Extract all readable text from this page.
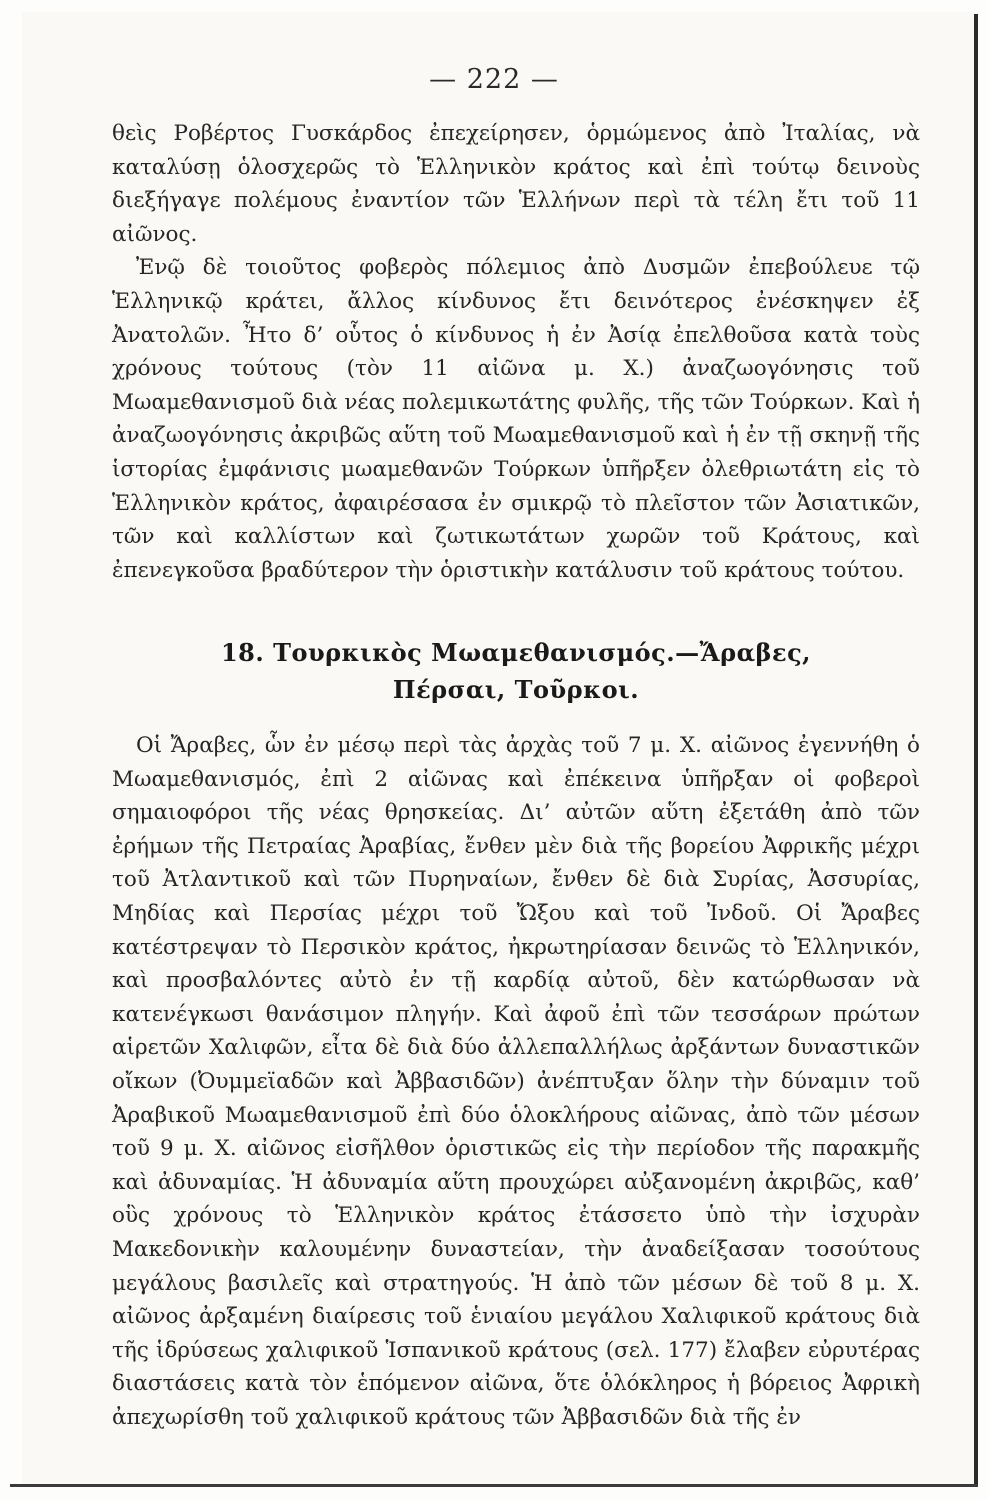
— 222 —

θεὶς Ροβέρτος Γυσκάρδος ἐπεχείρησεν, ὁρμώμενος ἀπὸ Ἰταλίας, νὰ καταλύσῃ ὁλοσχερῶς τὸ Ἑλληνικὸν κράτος καὶ ἐπὶ τούτῳ δεινοὺς διεξήγαγε πολέμους ἐναντίον τῶν Ἑλλήνων περὶ τὰ τέλη ἔτι τοῦ 11 αἰῶνος.

Ἐνῷ δὲ τοιοῦτος φοβερὸς πόλεμιος ἀπὸ Δυσμῶν ἐπεβούλευε τῷ Ἑλληνικῷ κράτει, ἄλλος κίνδυνος ἔτι δεινότερος ἐνέσκηψεν ἐξ Ἀνατολῶν. Ἦτο δ’ οὗτος ὁ κίνδυνος ἡ ἐν Ἀσίᾳ ἐπελθοῦσα κατὰ τοὺς χρόνους τούτους (τὸν 11 αἰῶνα μ. Χ.) ἀναζωογόνησις τοῦ Μωαμεθανισμοῦ διὰ νέας πολεμικωτάτης φυλῆς, τῆς τῶν Τούρκων. Καὶ ἡ ἀναζωογόνησις ἀκριβῶς αὕτη τοῦ Μωαμεθανισμοῦ καὶ ἡ ἐν τῇ σκηνῇ τῆς ἱστορίας ἐμφάνισις μωαμεθανῶν Τούρκων ὑπῆρξεν ὀλεθριωτάτη εἰς τὸ Ἑλληνικὸν κράτος, ἀφαιρέσασα ἐν σμικρῷ τὸ πλεῖστον τῶν Ἀσιατικῶν, τῶν καὶ καλλίστων καὶ ζωτικωτάτων χωρῶν τοῦ Κράτους, καὶ ἐπενεγκοῦσα βραδύτερον τὴν ὁριστικὴν κατάλυσιν τοῦ κράτους τούτου.

18. Τουρκικὸς Μωαμεθανισμός.—Ἄραβες,
Πέρσαι, Τοῦρκοι.

Οἱ Ἄραβες, ὧν ἐν μέσῳ περὶ τὰς ἀρχὰς τοῦ 7 μ. Χ. αἰῶνος ἐγεννήθη ὁ Μωαμεθανισμός, ἐπὶ 2 αἰῶνας καὶ ἐπέκεινα ὑπῆρξαν οἱ φοβεροὶ σημαιοφόροι τῆς νέας θρησκείας. Δι’ αὐτῶν αὕτη ἐξετάθη ἀπὸ τῶν ἐρήμων τῆς Πετραίας Ἀραβίας, ἔνθεν μὲν διὰ τῆς βορείου Ἀφρικῆς μέχρι τοῦ Ἀτλαντικοῦ καὶ τῶν Πυρηναίων, ἔνθεν δὲ διὰ Συρίας, Ἀσσυρίας, Μηδίας καὶ Περσίας μέχρι τοῦ Ὤξου καὶ τοῦ Ἰνδοῦ. Οἱ Ἄραβες κατέστρεψαν τὸ Περσικὸν κράτος, ἠκρωτηρίασαν δεινῶς τὸ Ἑλληνικόν, καὶ προσβαλόντες αὐτὸ ἐν τῇ καρδίᾳ αὐτοῦ, δὲν κατώρθωσαν νὰ κατενέγκωσι θανάσιμον πληγήν. Καὶ ἀφοῦ ἐπὶ τῶν τεσσάρων πρώτων αἱρετῶν Χαλιφῶν, εἶτα δὲ διὰ δύο ἀλλεπαλλήλως ἀρξάντων δυναστικῶν οἴκων (Ὀυμμεϊαδῶν καὶ Ἀββασιδῶν) ἀνέπτυξαν ὅλην τὴν δύναμιν τοῦ Ἀραβικοῦ Μωαμεθανισμοῦ ἐπὶ δύο ὁλοκλήρους αἰῶνας, ἀπὸ τῶν μέσων τοῦ 9 μ. Χ. αἰῶνος εἰσῆλθον ὁριστικῶς εἰς τὴν περίοδον τῆς παρακμῆς καὶ ἀδυναμίας. Ἡ ἀδυναμία αὕτη προυχώρει αὐξανομένη ἀκριβῶς, καθ’ οὓς χρόνους τὸ Ἑλληνικὸν κράτος ἐτάσσετο ὑπὸ τὴν ἰσχυρὰν Μακεδονικὴν καλουμένην δυναστείαν, τὴν ἀναδείξασαν τοσούτους μεγάλους βασιλεῖς καὶ στρατηγούς. Ἡ ἀπὸ τῶν μέσων δὲ τοῦ 8 μ. Χ. αἰῶνος ἀρξαμένη διαίρεσις τοῦ ἑνιαίου μεγάλου Χαλιφικοῦ κράτους διὰ τῆς ἱδρύσεως χαλιφικοῦ Ἱσπανικοῦ κράτους (σελ. 177) ἔλαβεν εὐρυτέρας διαστάσεις κατὰ τὸν ἑπόμενον αἰῶνα, ὅτε ὁλόκληρος ἡ βόρειος Ἀφρικὴ ἀπεχωρίσθη τοῦ χαλιφικοῦ κράτους τῶν Ἀββασιδῶν διὰ τῆς ἐν
